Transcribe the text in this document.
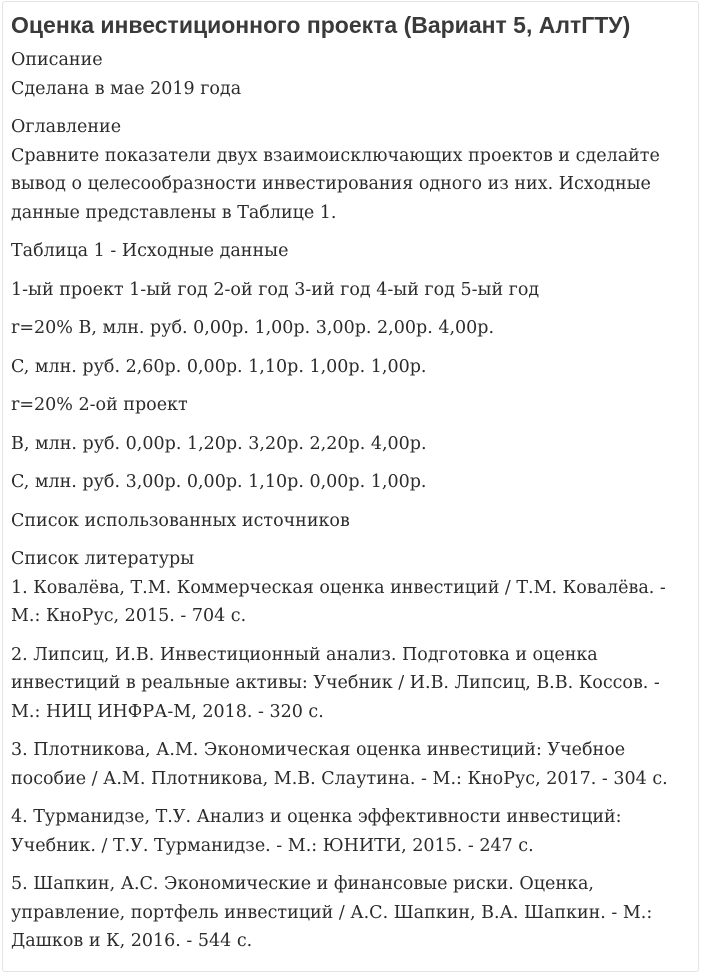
Оценка инвестиционного проекта (Вариант 5, АлтГТУ)

Описание
Сделана в мае 2019 года

Оглавление
Сравните показатели двух взаимоисключающих проектов и сделайте вывод о целесообразности инвестирования одного из них. Исходные данные представлены в Таблице 1.

Таблица 1 - Исходные данные

1-ый проект 1-ый год 2-ой год 3-ий год 4-ый год 5-ый год

r=20% B, млн. руб. 0,00р. 1,00р. 3,00р. 2,00р. 4,00р.

C, млн. руб. 2,60р. 0,00р. 1,10р. 1,00р. 1,00р.

r=20% 2-ой проект

B, млн. руб. 0,00р. 1,20р. 3,20р. 2,20р. 4,00р.

C, млн. руб. 3,00р. 0,00р. 1,10р. 0,00р. 1,00р.

Список использованных источников

Список литературы
1. Ковалёва, Т.М. Коммерческая оценка инвестиций / Т.М. Ковалёва. - М.: КноРус, 2015. - 704 с.

2. Липсиц, И.В. Инвестиционный анализ. Подготовка и оценка инвестиций в реальные активы: Учебник / И.В. Липсиц, В.В. Коссов. - М.: НИЦ ИНФРА-М, 2018. - 320 с.

3. Плотникова, А.М. Экономическая оценка инвестиций: Учебное пособие / А.М. Плотникова, М.В. Слаутина. - М.: КноРус, 2017. - 304 с.

4. Турманидзе, Т.У. Анализ и оценка эффективности инвестиций: Учебник. / Т.У. Турманидзе. - М.: ЮНИТИ, 2015. - 247 с.

5. Шапкин, А.С. Экономические и финансовые риски. Оценка, управление, портфель инвестиций / А.С. Шапкин, В.А. Шапкин. - М.: Дашков и К, 2016. - 544 с.
